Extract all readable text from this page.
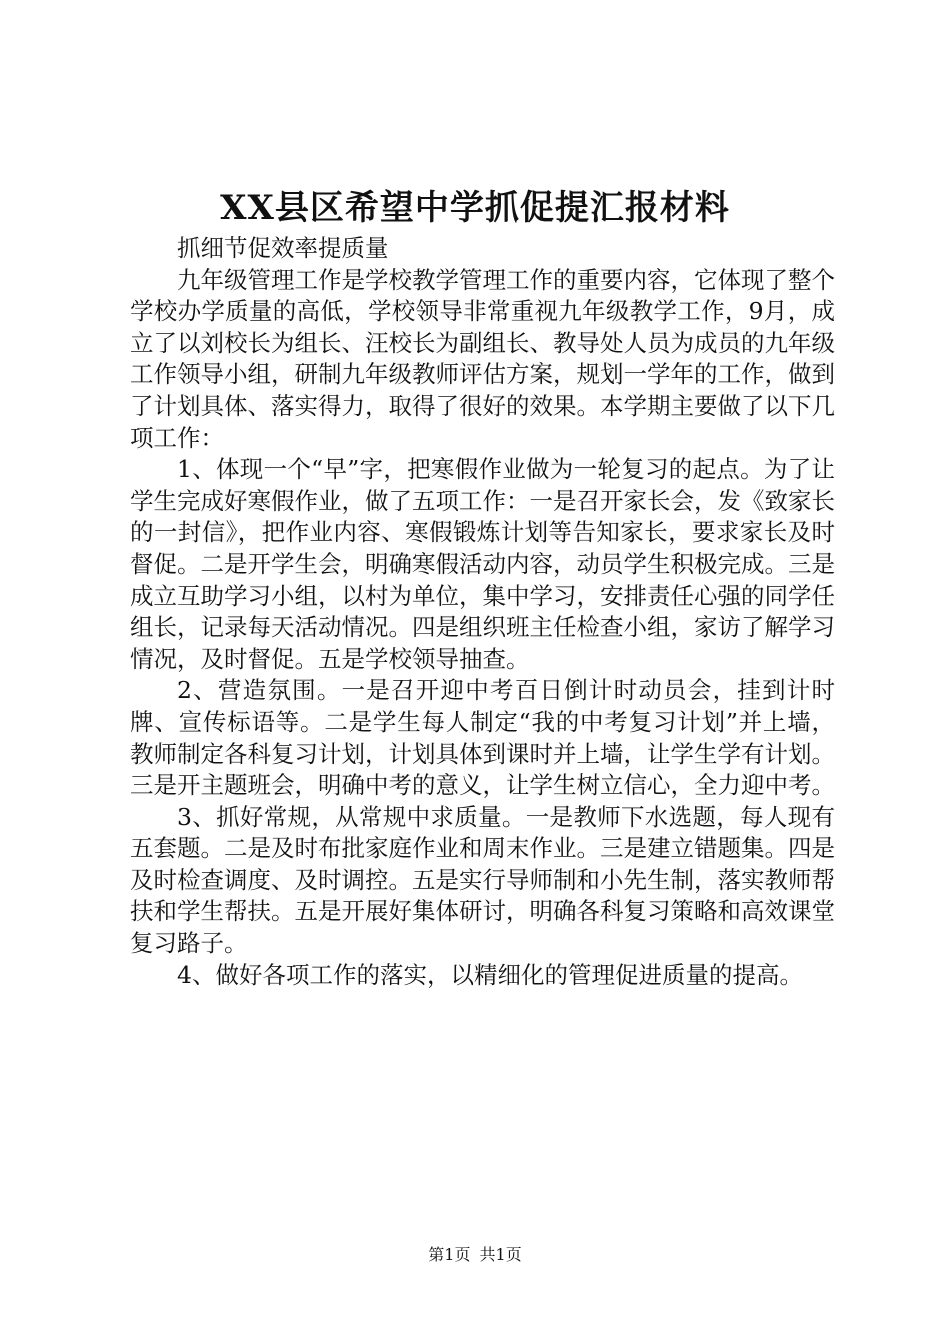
XX县区希望中学抓促提汇报材料

抓细节促效率提质量

九年级管理工作是学校教学管理工作的重要内容，它体现了整个学校办学质量的高低，学校领导非常重视九年级教学工作，9月，成立了以刘校长为组长、汪校长为副组长、教导处人员为成员的九年级工作领导小组，研制九年级教师评估方案，规划一学年的工作，做到了计划具体、落实得力，取得了很好的效果。本学期主要做了以下几项工作：

1、体现一个“早”字，把寒假作业做为一轮复习的起点。为了让学生完成好寒假作业，做了五项工作：一是召开家长会，发《致家长的一封信》，把作业内容、寒假锻炼计划等告知家长，要求家长及时督促。二是开学生会，明确寒假活动内容，动员学生积极完成。三是成立互助学习小组，以村为单位，集中学习，安排责任心强的同学任组长，记录每天活动情况。四是组织班主任检查小组，家访了解学习情况，及时督促。五是学校领导抽查。

2、营造氛围。一是召开迎中考百日倒计时动员会，挂到计时牌、宣传标语等。二是学生每人制定“我的中考复习计划”并上墙，教师制定各科复习计划，计划具体到课时并上墙，让学生学有计划。三是开主题班会，明确中考的意义，让学生树立信心，全力迎中考。

3、抓好常规，从常规中求质量。一是教师下水选题，每人现有五套题。二是及时布批家庭作业和周末作业。三是建立错题集。四是及时检查调度、及时调控。五是实行导师制和小先生制，落实教师帮扶和学生帮扶。五是开展好集体研讨，明确各科复习策略和高效课堂复习路子。

4、做好各项工作的落实，以精细化的管理促进质量的提高。

第1页 共1页
